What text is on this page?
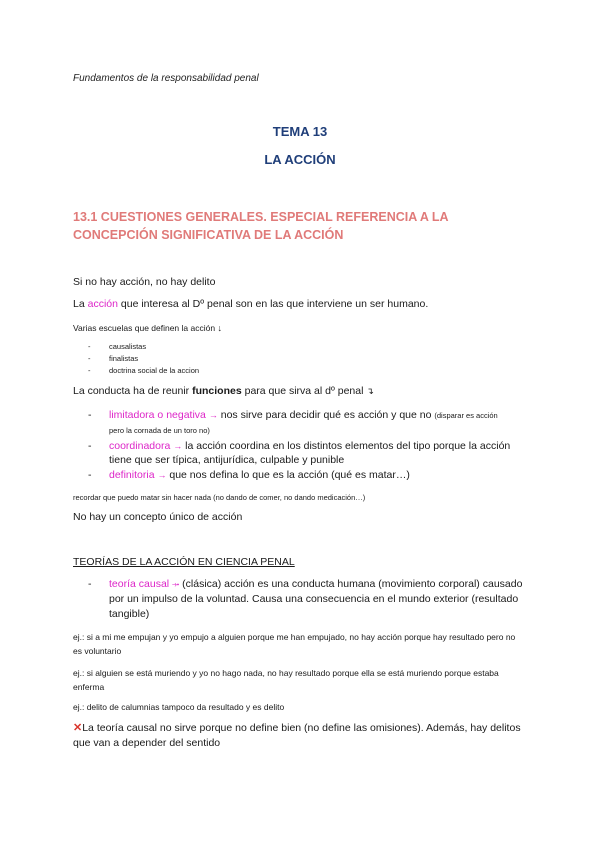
Fundamentos de la responsabilidad penal

TEMA 13

LA ACCIÓN

13.1 CUESTIONES GENERALES. ESPECIAL REFERENCIA A LA CONCEPCIÓN SIGNIFICATIVA DE LA ACCIÓN

Si no hay acción, no hay delito

La acción que interesa al Dº penal son en las que interviene un ser humano.

Varias escuelas que definen la acción ↓

- causalistas
- finalistas
- doctrina social de la accion

La conducta ha de reunir funciones para que sirva al dº penal ↴

- limitadora o negativa → nos sirve para decidir qué es acción y que no (disparar es acción pero la cornada de un toro no)
- coordinadora → la acción coordina en los distintos elementos del tipo porque la acción tiene que ser típica, antijurídica, culpable y punible
- definitoria → que nos defina lo que es la acción (qué es matar…)

recordar que puedo matar sin hacer nada (no dando de comer, no dando medicación…)

No hay un concepto único de acción

TEORÍAS DE LA ACCIÓN EN CIENCIA PENAL

- teoría causal ⤞ (clásica) acción es una conducta humana (movimiento corporal) causado por un impulso de la voluntad. Causa una consecuencia en el mundo exterior (resultado tangible)

ej.: si a mi me empujan y yo empujo a alguien porque me han empujado, no hay acción porque hay resultado pero no es voluntario

ej.: si alguien se está muriendo y yo no hago nada, no hay resultado porque ella se está muriendo porque estaba enferma

ej.: delito de calumnias tampoco da resultado y es delito

✕La teoría causal no sirve porque no define bien (no define las omisiones). Además, hay delitos que van a depender del sentido
